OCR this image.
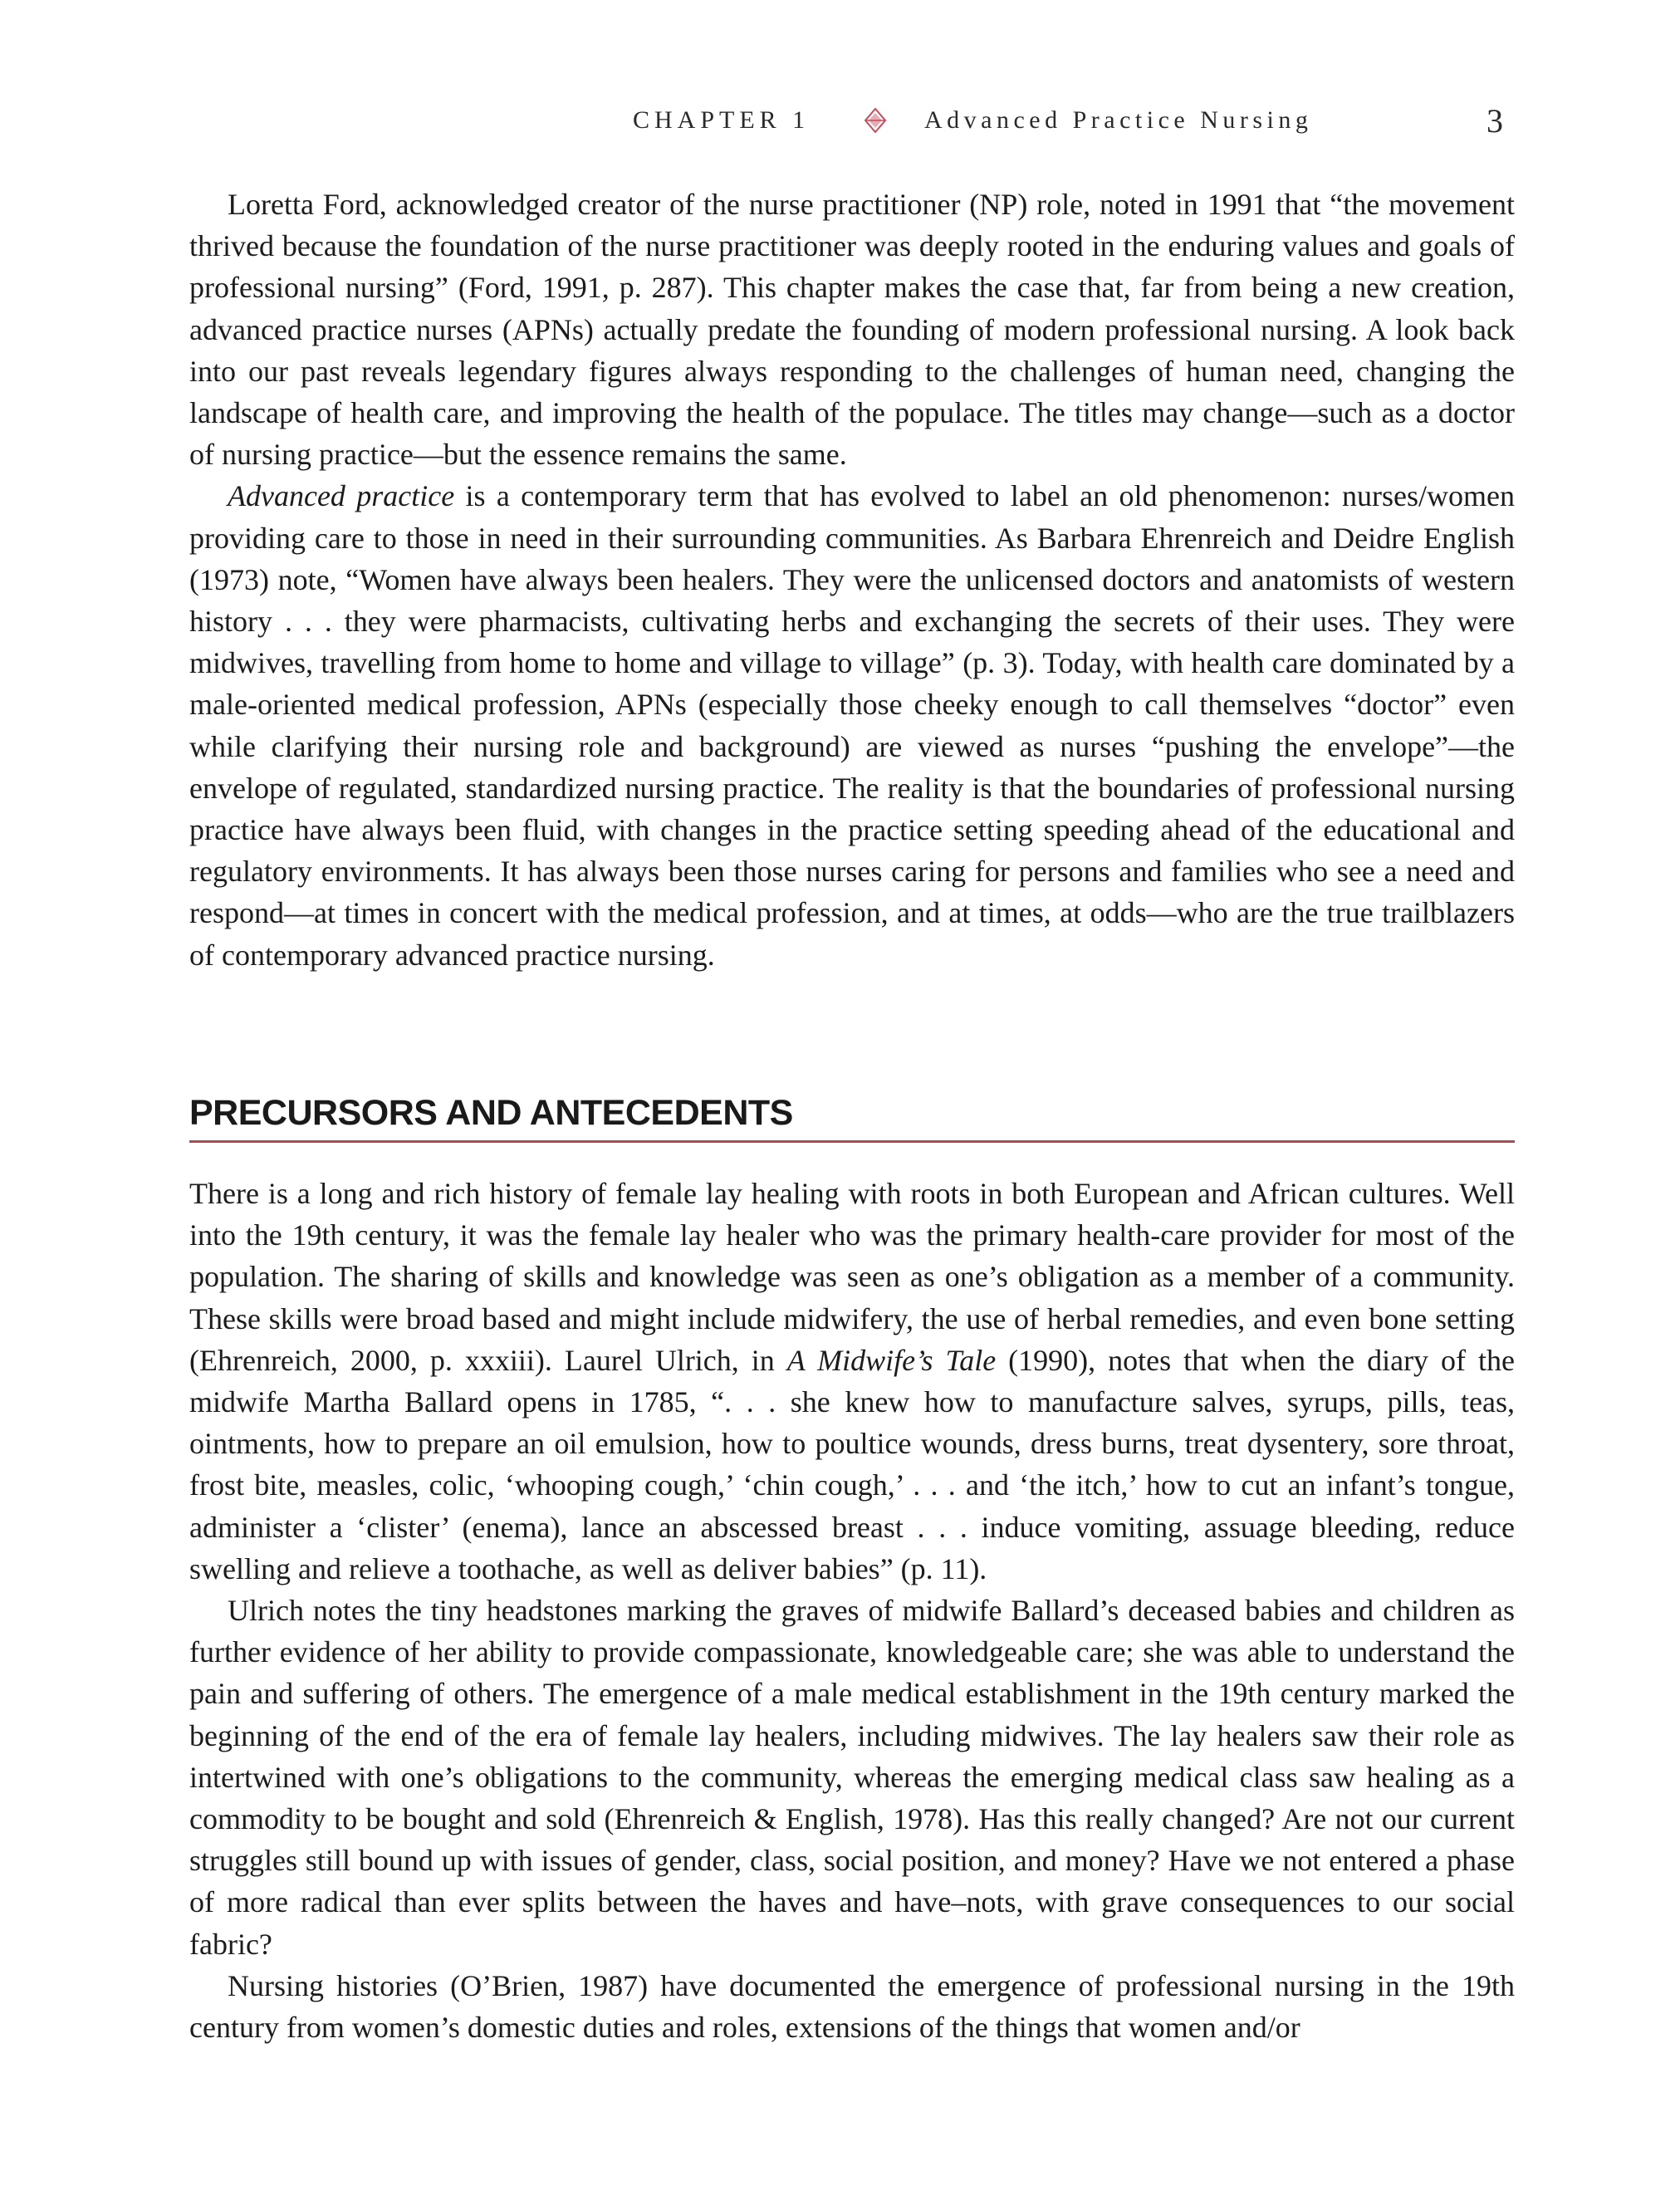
CHAPTER 1	Advanced Practice Nursing	3

Loretta Ford, acknowledged creator of the nurse practitioner (NP) role, noted in 1991 that “the movement thrived because the foundation of the nurse practitioner was deeply rooted in the enduring values and goals of professional nursing” (Ford, 1991, p. 287). This chapter makes the case that, far from being a new creation, advanced practice nurses (APNs) actually predate the founding of modern professional nursing. A look back into our past reveals legendary figures always responding to the challenges of human need, changing the landscape of health care, and improving the health of the populace. The titles may change—such as a doctor of nursing practice—but the essence remains the same.

Advanced practice is a contemporary term that has evolved to label an old phenomenon: nurses/women providing care to those in need in their surrounding communities. As Barbara Ehrenreich and Deidre English (1973) note, “Women have always been healers. They were the unlicensed doctors and anatomists of western history . . . they were pharmacists, cultivating herbs and exchanging the secrets of their uses. They were midwives, travelling from home to home and village to village” (p. 3). Today, with health care dominated by a male-oriented medical profession, APNs (especially those cheeky enough to call themselves “doctor” even while clarifying their nursing role and background) are viewed as nurses “pushing the envelope”—the envelope of regulated, standardized nursing practice. The reality is that the boundaries of professional nursing practice have always been fluid, with changes in the practice setting speeding ahead of the educational and regulatory environments. It has always been those nurses caring for persons and families who see a need and respond—at times in concert with the medical profession, and at times, at odds—who are the true trailblazers of contemporary advanced practice nursing.

PRECURSORS AND ANTECEDENTS

There is a long and rich history of female lay healing with roots in both European and African cultures. Well into the 19th century, it was the female lay healer who was the primary health-care provider for most of the population. The sharing of skills and knowledge was seen as one’s obligation as a member of a community. These skills were broad based and might include midwifery, the use of herbal remedies, and even bone setting (Ehrenreich, 2000, p. xxxiii). Laurel Ulrich, in A Midwife’s Tale (1990), notes that when the diary of the midwife Martha Ballard opens in 1785, “. . . she knew how to manufacture salves, syrups, pills, teas, ointments, how to prepare an oil emulsion, how to poultice wounds, dress burns, treat dysentery, sore throat, frost bite, measles, colic, ‘whooping cough,’ ‘chin cough,’ . . . and ‘the itch,’ how to cut an infant’s tongue, administer a ‘clister’ (enema), lance an abscessed breast . . . induce vomiting, assuage bleeding, reduce swelling and relieve a toothache, as well as deliver babies” (p. 11).

Ulrich notes the tiny headstones marking the graves of midwife Ballard’s deceased babies and children as further evidence of her ability to provide compassionate, knowledgeable care; she was able to understand the pain and suffering of others. The emergence of a male medical establishment in the 19th century marked the beginning of the end of the era of female lay healers, including midwives. The lay healers saw their role as intertwined with one’s obligations to the community, whereas the emerging medical class saw healing as a commodity to be bought and sold (Ehrenreich & English, 1978). Has this really changed? Are not our current struggles still bound up with issues of gender, class, social position, and money? Have we not entered a phase of more radical than ever splits between the haves and have–nots, with grave consequences to our social fabric?

Nursing histories (O’Brien, 1987) have documented the emergence of professional nursing in the 19th century from women’s domestic duties and roles, extensions of the things that women and/or
